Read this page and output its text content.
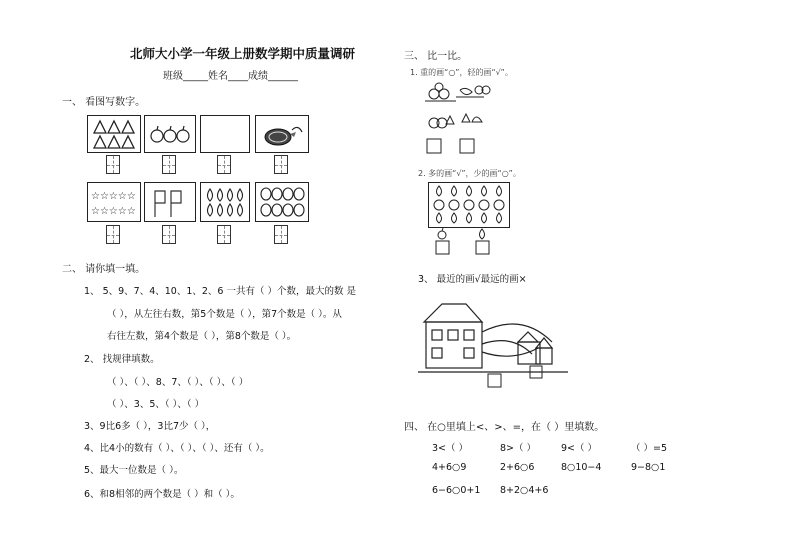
北师大小学一年级上册数学期中质量调研
班级_____姓名____成绩______
一、 看图写数字。
☆☆☆☆☆
☆☆☆☆☆
二、 请你填一填。
1、 5、9、7、4、10、1、2、6 一共有（ ）个数，最大的数 是
（ ），从左往右数，第5个数是（ ），第7个数是（ ）。从
右往左数，第4个数是（ ），第8个数是（ ）。
2、 找规律填数。
（ ）、（ ）、8、7、（ ）、（ ）、（ ）
（ ）、3、5、（ ）、（ ）
3、9比6多（ ），3比7少（ ），
4、比4小的数有（ ）、（ ）、（ ）、还有（ ）。
5、最大一位数是（ ）。
6、和8相邻的两个数是（ ）和（ ）。
三、 比一比。
1. 重的画“○”，轻的画“√”。
2. 多的画“√”，少的画“○”。
3、 最近的画√最远的画×
四、 在○里填上<、>、=，在（ ）里填数。
3<（ ）	8>（ ）	9<（ ）	（ ）=5
4+6○9	2+6○6	8○10−4	9−8○1
6−6○0+1 8+2○4+6
